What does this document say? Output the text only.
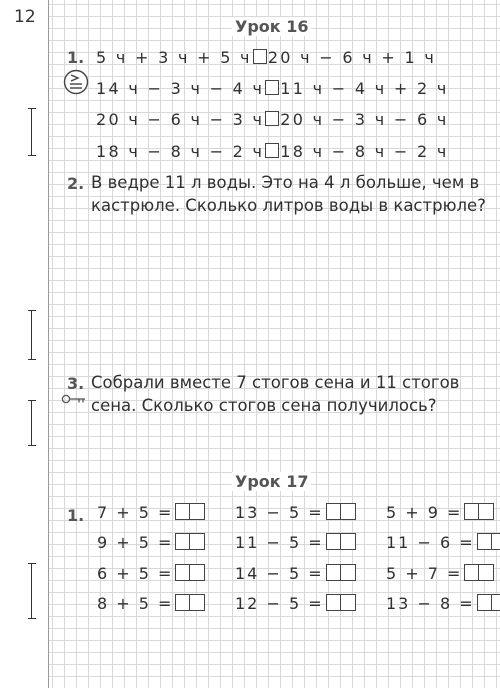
12	Урок 16
1. 5 ч + 3 ч + 5 ч 20 ч − 6 ч + 1 ч
14 ч − 3 ч − 4 ч 11 ч − 4 ч + 2 ч
20 ч − 6 ч − 3 ч 20 ч − 3 ч − 6 ч
18 ч − 8 ч − 2 ч 18 ч − 8 ч − 2 ч
2. В ведре 11 л воды. Это на 4 л больше, чем в кастрюле. Сколько литров воды в кастрюле?
3. Собрали вместе 7 стогов сена и 11 стогов сена. Сколько стогов сена получилось?
Урок 17
1. 7 + 5 =
9 + 5 =
6 + 5 =
8 + 5 =
13 − 5 =
11 − 5 =
14 − 5 =
12 − 5 =
5 + 9 =
11 − 6 =
5 + 7 =
13 − 8 =
